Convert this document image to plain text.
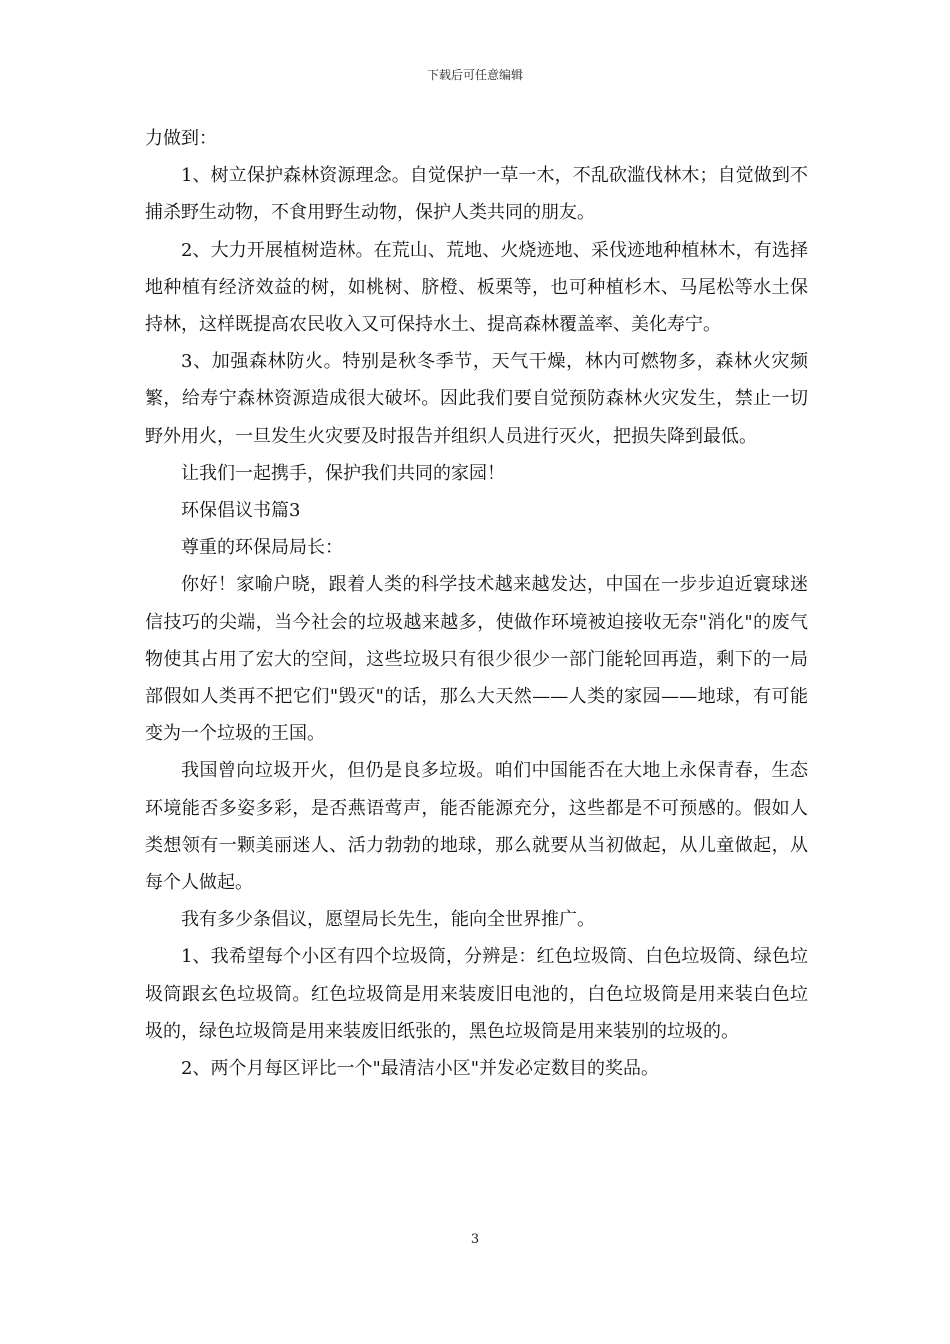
下载后可任意编辑

力做到：

1、树立保护森林资源理念。自觉保护一草一木，不乱砍滥伐林木；自觉做到不捕杀野生动物，不食用野生动物，保护人类共同的朋友。

2、大力开展植树造林。在荒山、荒地、火烧迹地、采伐迹地种植林木，有选择地种植有经济效益的树，如桃树、脐橙、板栗等，也可种植杉木、马尾松等水土保持林，这样既提高农民收入又可保持水土、提高森林覆盖率、美化寿宁。

3、加强森林防火。特别是秋冬季节，天气干燥，林内可燃物多，森林火灾频繁，给寿宁森林资源造成很大破坏。因此我们要自觉预防森林火灾发生，禁止一切野外用火，一旦发生火灾要及时报告并组织人员进行灭火，把损失降到最低。

让我们一起携手，保护我们共同的家园！

环保倡议书篇3

尊重的环保局局长：

你好！家喻户晓，跟着人类的科学技术越来越发达，中国在一步步迫近寰球迷信技巧的尖端，当今社会的垃圾越来越多，使做作环境被迫接收无奈"消化"的废气物使其占用了宏大的空间，这些垃圾只有很少很少一部门能轮回再造，剩下的一局部假如人类再不把它们"毁灭"的话，那么大天然——人类的家园——地球，有可能变为一个垃圾的王国。

我国曾向垃圾开火，但仍是良多垃圾。咱们中国能否在大地上永保青春，生态环境能否多姿多彩，是否燕语莺声，能否能源充分，这些都是不可预感的。假如人类想领有一颗美丽迷人、活力勃勃的地球，那么就要从当初做起，从儿童做起，从每个人做起。

我有多少条倡议，愿望局长先生，能向全世界推广。

1、我希望每个小区有四个垃圾筒，分辨是：红色垃圾筒、白色垃圾筒、绿色垃圾筒跟玄色垃圾筒。红色垃圾筒是用来装废旧电池的，白色垃圾筒是用来装白色垃圾的，绿色垃圾筒是用来装废旧纸张的，黑色垃圾筒是用来装别的垃圾的。

2、两个月每区评比一个"最清洁小区"并发必定数目的奖品。

3
